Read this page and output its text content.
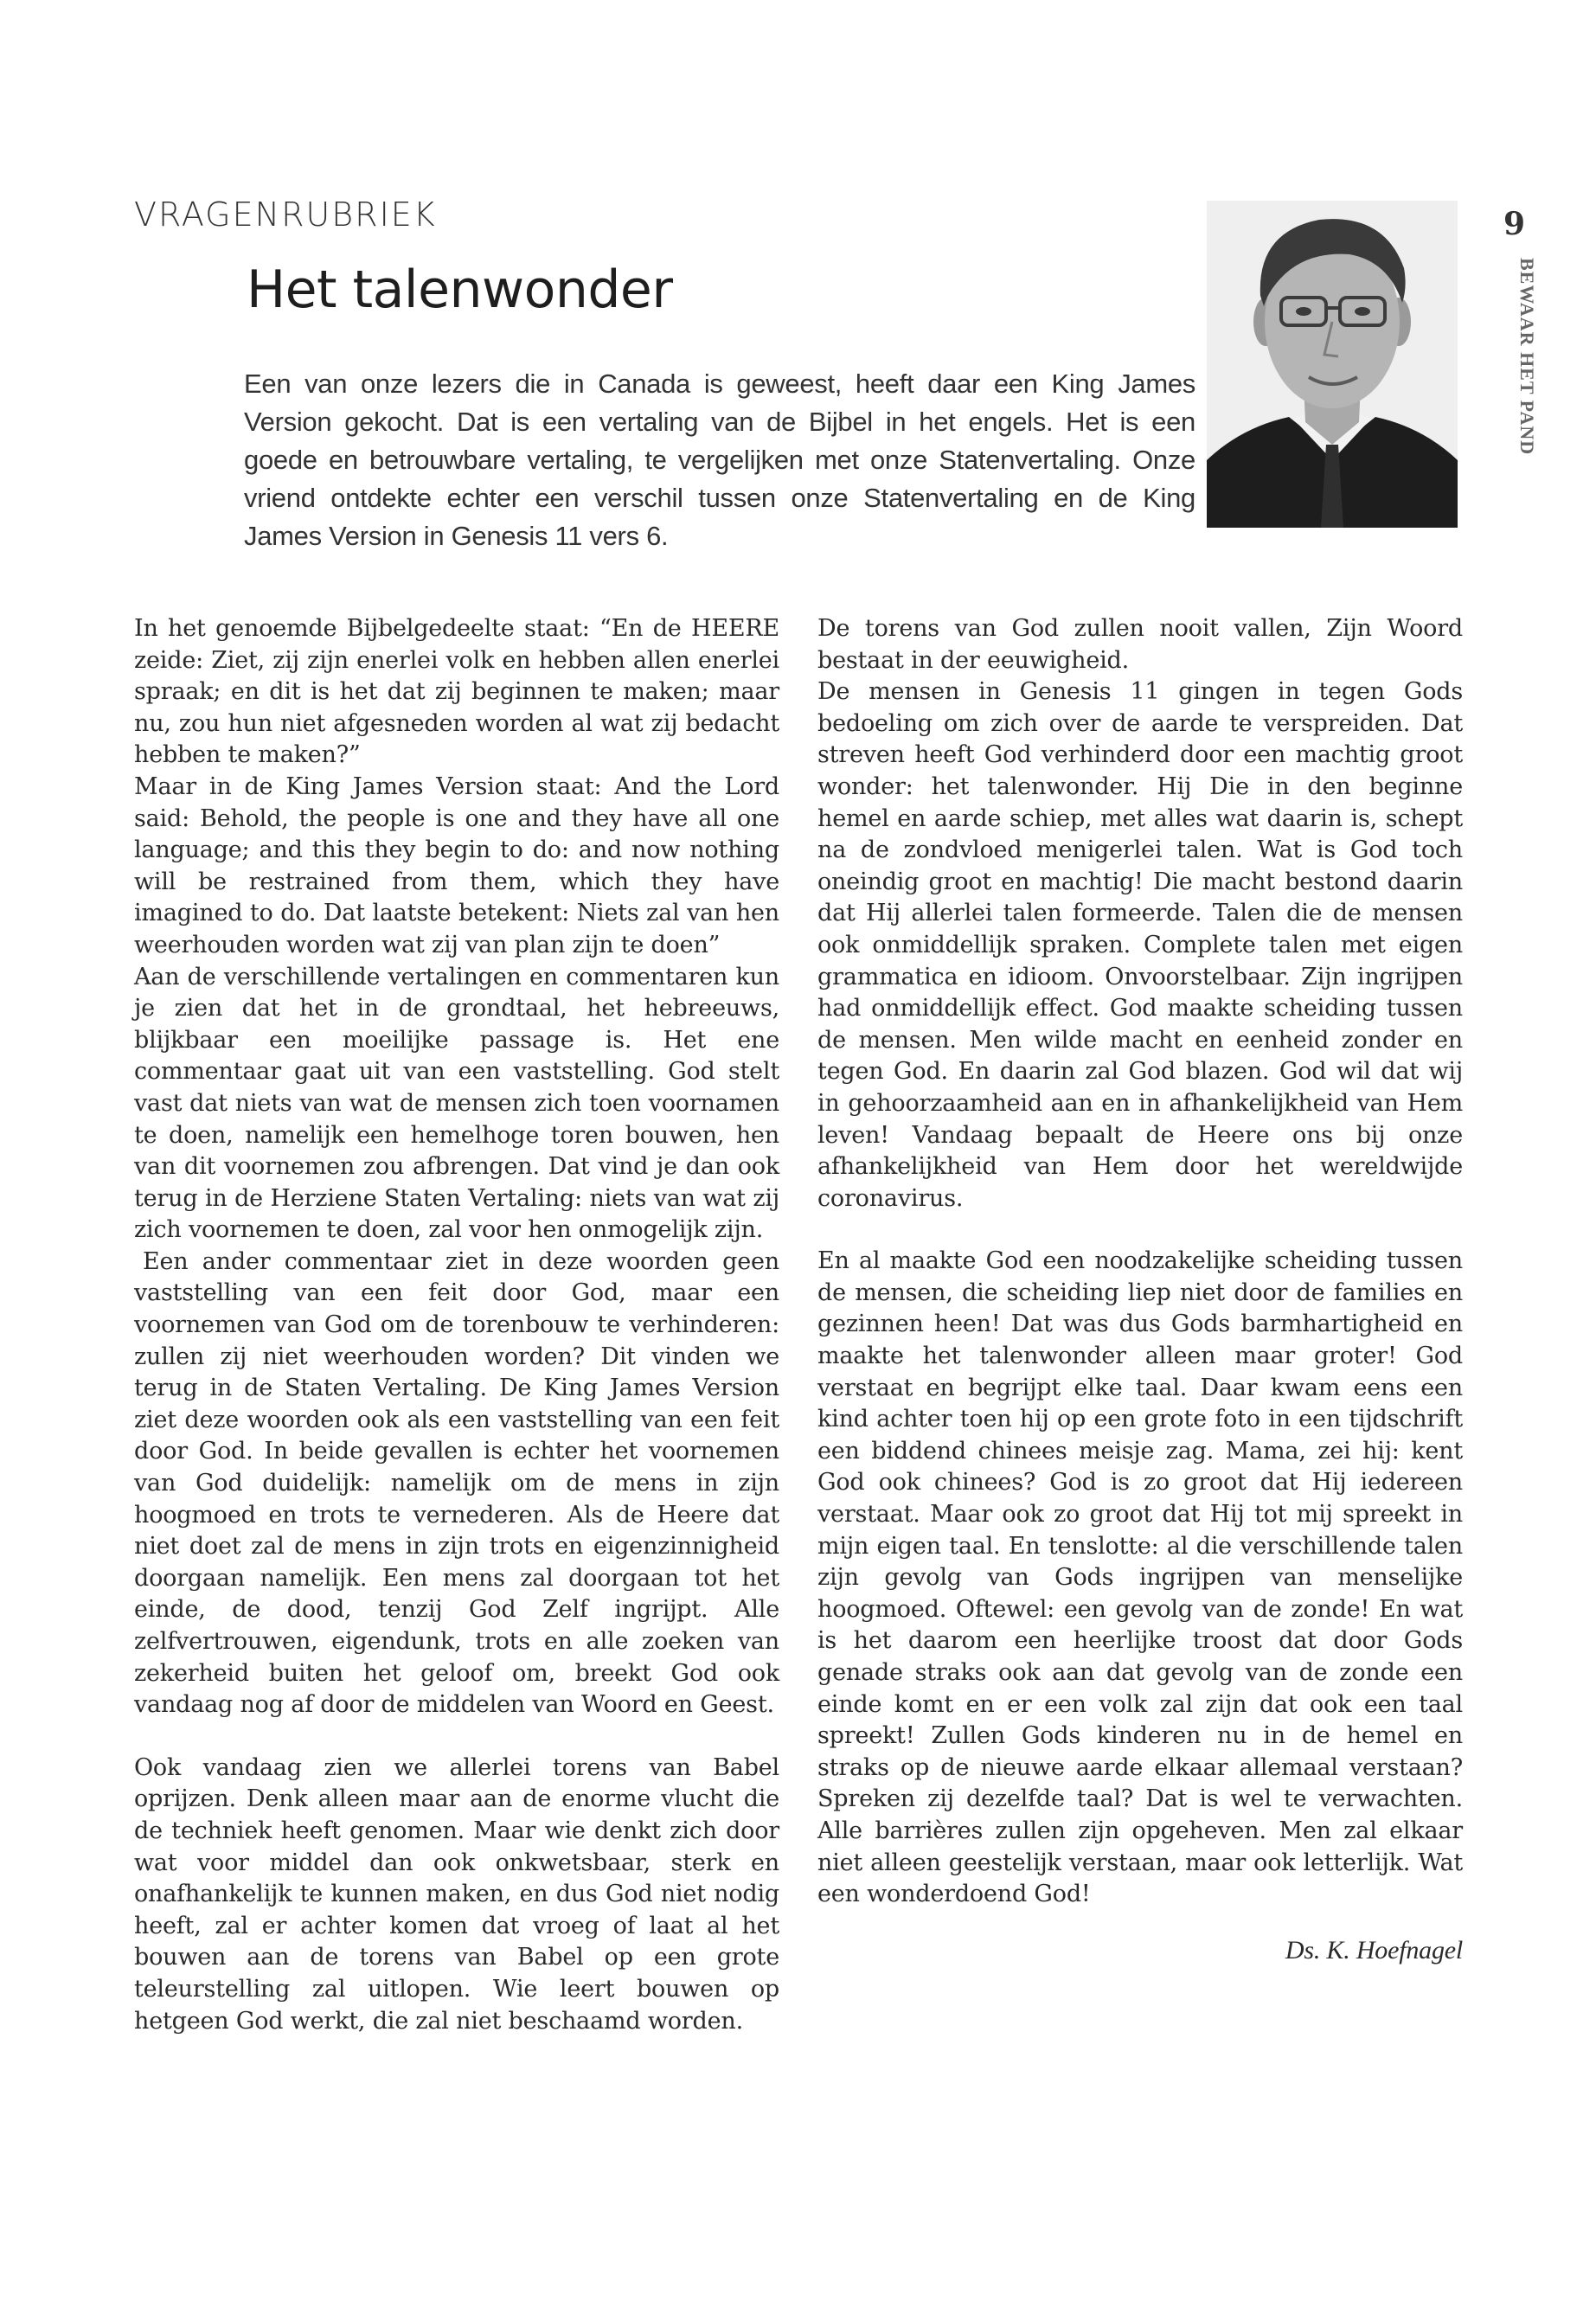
VRAGENRUBRIEK
Het talenwonder

Een van onze lezers die in Canada is geweest, heeft daar een King James Version gekocht. Dat is een vertaling van de Bijbel in het engels. Het is een goede en betrouwbare vertaling, te vergelijken met onze Statenvertaling. Onze vriend ontdekte echter een verschil tussen onze Statenvertaling en de King James Version in Genesis 11 vers 6.

9
BEWAAR HET PAND

In het genoemde Bijbelgedeelte staat: “En de HEERE zeide: Ziet, zij zijn enerlei volk en hebben allen enerlei spraak; en dit is het dat zij beginnen te maken; maar nu, zou hun niet afgesneden worden al wat zij bedacht hebben te maken?”

Maar in de King James Version staat: And the Lord said: Behold, the people is one and they have all one language; and this they begin to do: and now nothing will be restrained from them, which they have imagined to do. Dat laatste betekent: Niets zal van hen weerhouden worden wat zij van plan zijn te doen”

Aan de verschillende vertalingen en commentaren kun je zien dat het in de grondtaal, het hebreeuws, blijkbaar een moeilijke passage is. Het ene commentaar gaat uit van een vaststelling. God stelt vast dat niets van wat de mensen zich toen voornamen te doen, namelijk een hemelhoge toren bouwen, hen van dit voornemen zou afbrengen. Dat vind je dan ook terug in de Herziene Staten Vertaling: niets van wat zij zich voornemen te doen, zal voor hen onmogelijk zijn.

Een ander commentaar ziet in deze woorden geen vaststelling van een feit door God, maar een voornemen van God om de torenbouw te verhinderen: zullen zij niet weerhouden worden? Dit vinden we terug in de Staten Vertaling. De King James Version ziet deze woorden ook als een vaststelling van een feit door God. In beide gevallen is echter het voornemen van God duidelijk: namelijk om de mens in zijn hoogmoed en trots te vernederen. Als de Heere dat niet doet zal de mens in zijn trots en eigenzinnigheid doorgaan namelijk. Een mens zal doorgaan tot het einde, de dood, tenzij God Zelf ingrijpt. Alle zelfvertrouwen, eigendunk, trots en alle zoeken van zekerheid buiten het geloof om, breekt God ook vandaag nog af door de middelen van Woord en Geest.

Ook vandaag zien we allerlei torens van Babel oprijzen. Denk alleen maar aan de enorme vlucht die de techniek heeft genomen. Maar wie denkt zich door wat voor middel dan ook onkwetsbaar, sterk en onafhankelijk te kunnen maken, en dus God niet nodig heeft, zal er achter komen dat vroeg of laat al het bouwen aan de torens van Babel op een grote teleurstelling zal uitlopen. Wie leert bouwen op hetgeen God werkt, die zal niet beschaamd worden.

De torens van God zullen nooit vallen, Zijn Woord bestaat in der eeuwigheid.

De mensen in Genesis 11 gingen in tegen Gods bedoeling om zich over de aarde te verspreiden. Dat streven heeft God verhinderd door een machtig groot wonder: het talenwonder. Hij Die in den beginne hemel en aarde schiep, met alles wat daarin is, schept na de zondvloed menigerlei talen. Wat is God toch oneindig groot en machtig! Die macht bestond daarin dat Hij allerlei talen formeerde. Talen die de mensen ook onmiddellijk spraken. Complete talen met eigen grammatica en idioom. Onvoorstelbaar. Zijn ingrijpen had onmiddellijk effect. God maakte scheiding tussen de mensen. Men wilde macht en eenheid zonder en tegen God. En daarin zal God blazen. God wil dat wij in gehoorzaamheid aan en in afhankelijkheid van Hem leven! Vandaag bepaalt de Heere ons bij onze afhankelijkheid van Hem door het wereldwijde coronavirus.

En al maakte God een noodzakelijke scheiding tussen de mensen, die scheiding liep niet door de families en gezinnen heen! Dat was dus Gods barmhartigheid en maakte het talenwonder alleen maar groter! God verstaat en begrijpt elke taal. Daar kwam eens een kind achter toen hij op een grote foto in een tijdschrift een biddend chinees meisje zag. Mama, zei hij: kent God ook chinees? God is zo groot dat Hij iedereen verstaat. Maar ook zo groot dat Hij tot mij spreekt in mijn eigen taal. En tenslotte: al die verschillende talen zijn gevolg van Gods ingrijpen van menselijke hoogmoed. Oftewel: een gevolg van de zonde! En wat is het daarom een heerlijke troost dat door Gods genade straks ook aan dat gevolg van de zonde een einde komt en er een volk zal zijn dat ook een taal spreekt! Zullen Gods kinderen nu in de hemel en straks op de nieuwe aarde elkaar allemaal verstaan? Spreken zij dezelfde taal? Dat is wel te verwachten. Alle barrières zullen zijn opgeheven. Men zal elkaar niet alleen geestelijk verstaan, maar ook letterlijk. Wat een wonderdoend God!

Ds. K. Hoefnagel
